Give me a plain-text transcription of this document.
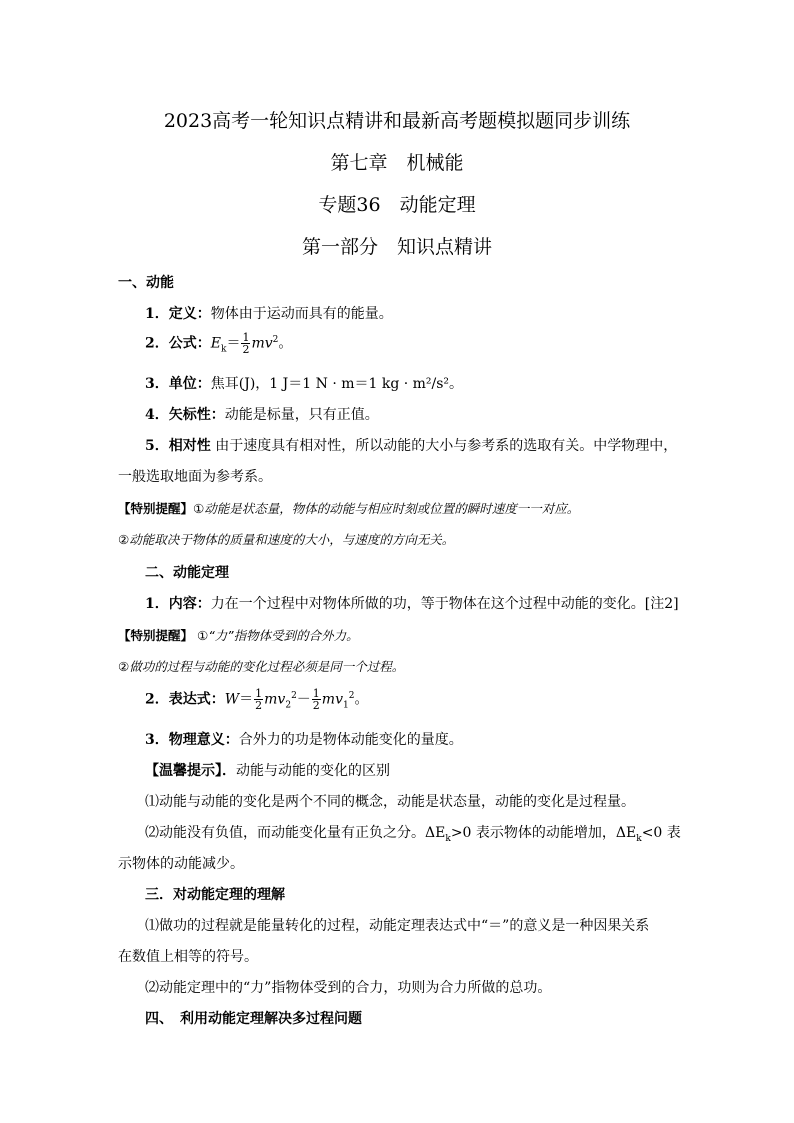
2023高考一轮知识点精讲和最新高考题模拟题同步训练
第七章　机械能
专题36　动能定理
第一部分　知识点精讲
一、动能
1．定义：物体由于运动而具有的能量。
2．公式：$E_k= \frac{1}{2} mv^2$。
3．单位：焦耳(J)，1 J＝1 N · m＝1 kg · m²/s²。
4．矢标性：动能是标量，只有正值。
5．相对性 由于速度具有相对性，所以动能的大小与参考系的选取有关。中学物理中，
一般选取地面为参考系。
【特别提醒】①动能是状态量，物体的动能与相应时刻或位置的瞬时速度一一对应。
②动能取决于物体的质量和速度的大小，与速度的方向无关。
二、动能定理
1．内容：力在一个过程中对物体所做的功，等于物体在这个过程中动能的变化。[注2]
【特别提醒】 ①“力”指物体受到的合外力。
②做功的过程与动能的变化过程必须是同一个过程。
2．表达式：$W= \frac{1}{2} mv_2^2- \frac{1}{2} mv_1^2$。
3．物理意义：合外力的功是物体动能变化的量度。
【温馨提示】．动能与动能的变化的区别
⑴动能与动能的变化是两个不同的概念，动能是状态量，动能的变化是过程量。
⑵动能没有负值，而动能变化量有正负之分。$\Delta E_k>0$ 表示物体的动能增加，$\Delta E_k<0$ 表
示物体的动能减少。
三．对动能定理的理解
⑴做功的过程就是能量转化的过程，动能定理表达式中“＝”的意义是一种因果关系
在数值上相等的符号。
⑵动能定理中的“力”指物体受到的合力，功则为合力所做的总功。
四、　利用动能定理解决多过程问题
